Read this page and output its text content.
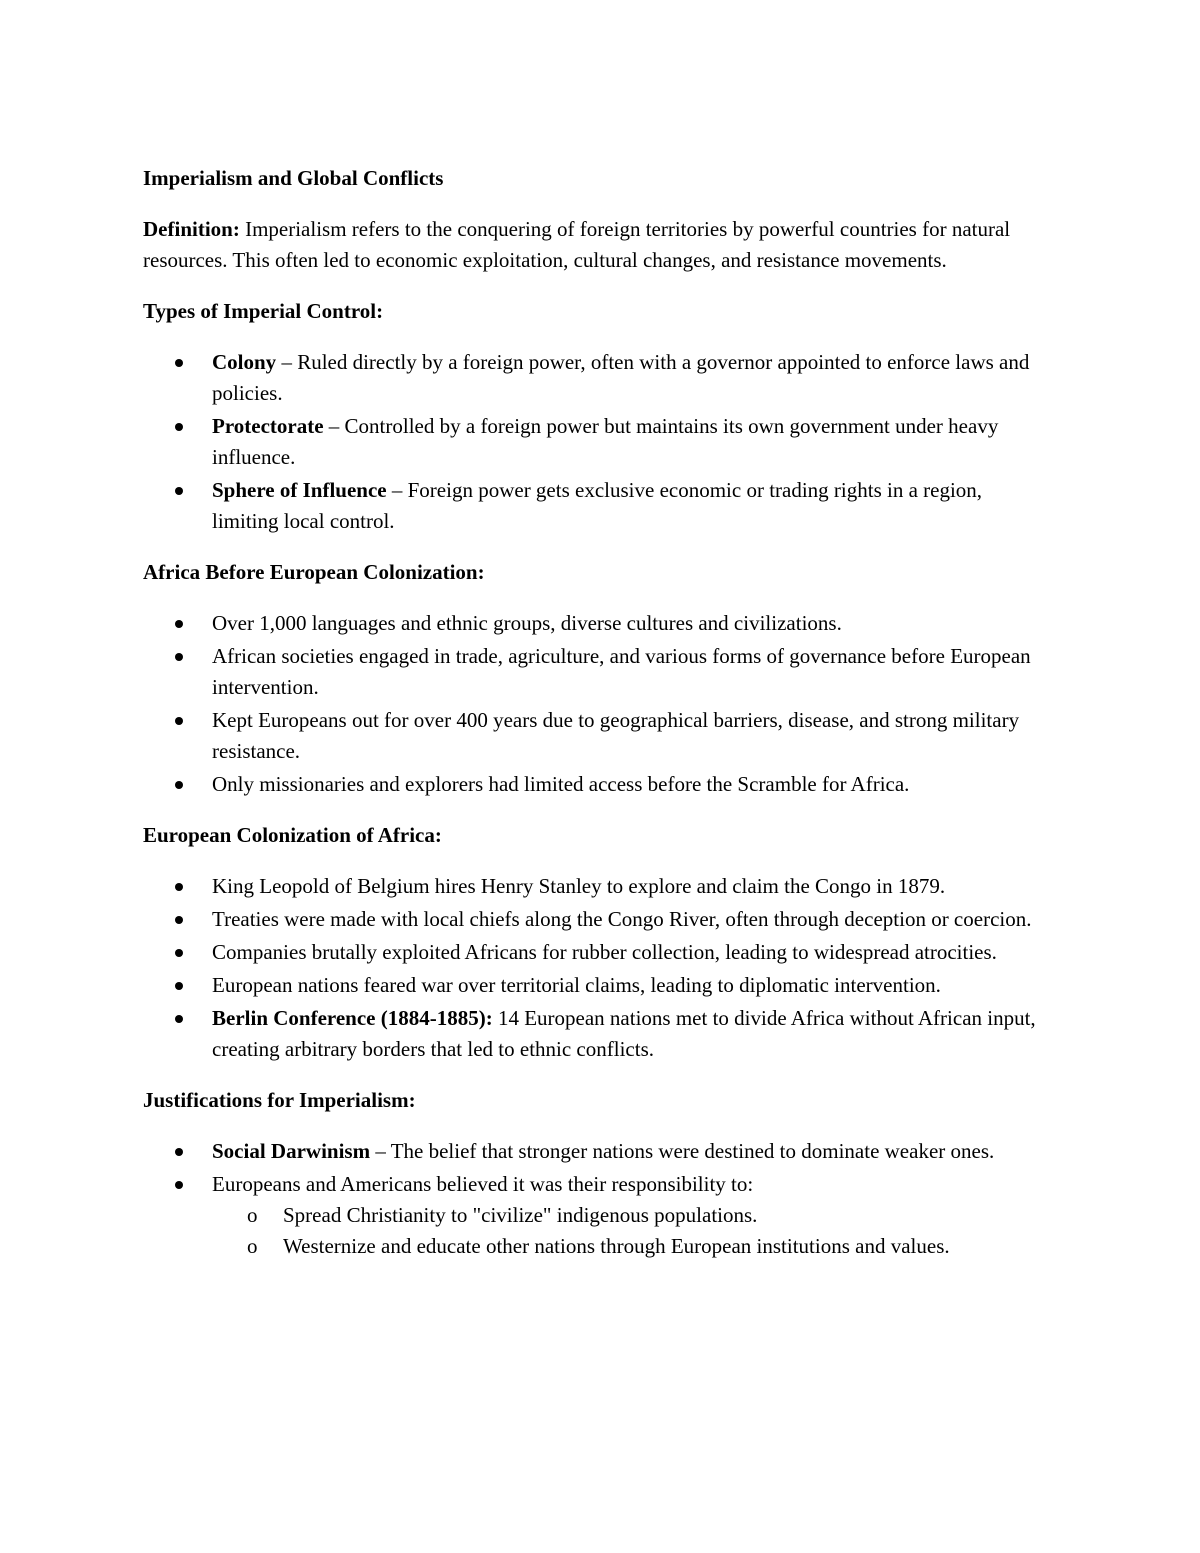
Imperialism and Global Conflicts

Definition: Imperialism refers to the conquering of foreign territories by powerful countries for natural resources. This often led to economic exploitation, cultural changes, and resistance movements.

Types of Imperial Control:
Colony – Ruled directly by a foreign power, often with a governor appointed to enforce laws and policies.
Protectorate – Controlled by a foreign power but maintains its own government under heavy influence.
Sphere of Influence – Foreign power gets exclusive economic or trading rights in a region, limiting local control.
Africa Before European Colonization:
Over 1,000 languages and ethnic groups, diverse cultures and civilizations.
African societies engaged in trade, agriculture, and various forms of governance before European intervention.
Kept Europeans out for over 400 years due to geographical barriers, disease, and strong military resistance.
Only missionaries and explorers had limited access before the Scramble for Africa.
European Colonization of Africa:
King Leopold of Belgium hires Henry Stanley to explore and claim the Congo in 1879.
Treaties were made with local chiefs along the Congo River, often through deception or coercion.
Companies brutally exploited Africans for rubber collection, leading to widespread atrocities.
European nations feared war over territorial claims, leading to diplomatic intervention.
Berlin Conference (1884-1885): 14 European nations met to divide Africa without African input, creating arbitrary borders that led to ethnic conflicts.
Justifications for Imperialism:
Social Darwinism – The belief that stronger nations were destined to dominate weaker ones.
Europeans and Americans believed it was their responsibility to:
o Spread Christianity to "civilize" indigenous populations.
o Westernize and educate other nations through European institutions and values.
